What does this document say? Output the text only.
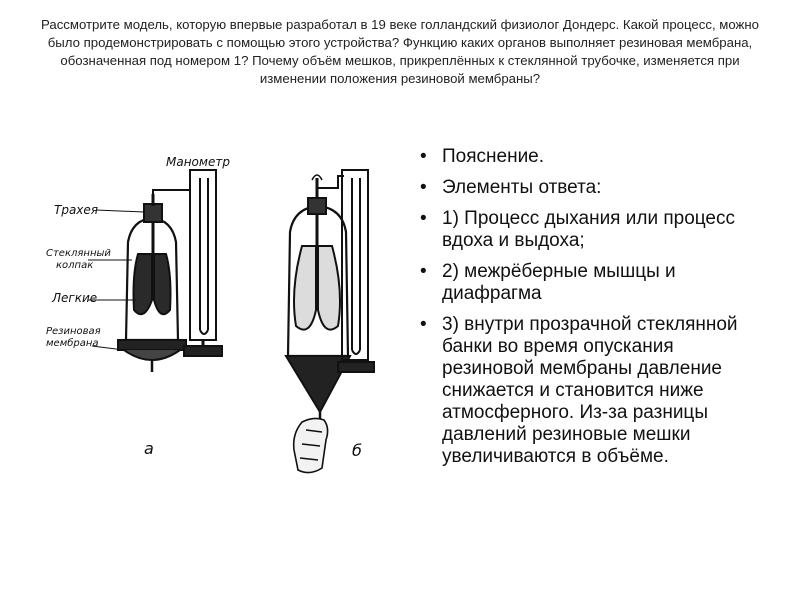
Рассмотрите модель, которую впервые разработал в 19 веке голландский физиолог Дондерс. Какой процесс, можно было продемонстрировать с помощью этого устройства? Функцию каких органов выполняет резиновая мембрана, обозначенная под номером 1? Почему объём мешков, прикреплённых к стеклянной трубочке, изменяется при изменении положения резиновой мембраны?
Манометр
Трахея
Стеклянный
колпак
Легкие
Резиновая
мембрана
а	б
• Пояснение.
• Элементы ответа:
• 1) Процесс дыхания или процесс вдоха и выдоха;
• 2) межрёберные мышцы и диафрагма
• 3) внутри прозрачной стеклянной банки во время опускания резиновой мембраны давление снижается и становится ниже атмосферного. Из-за разницы давлений резиновые мешки увеличиваются в объёме.
